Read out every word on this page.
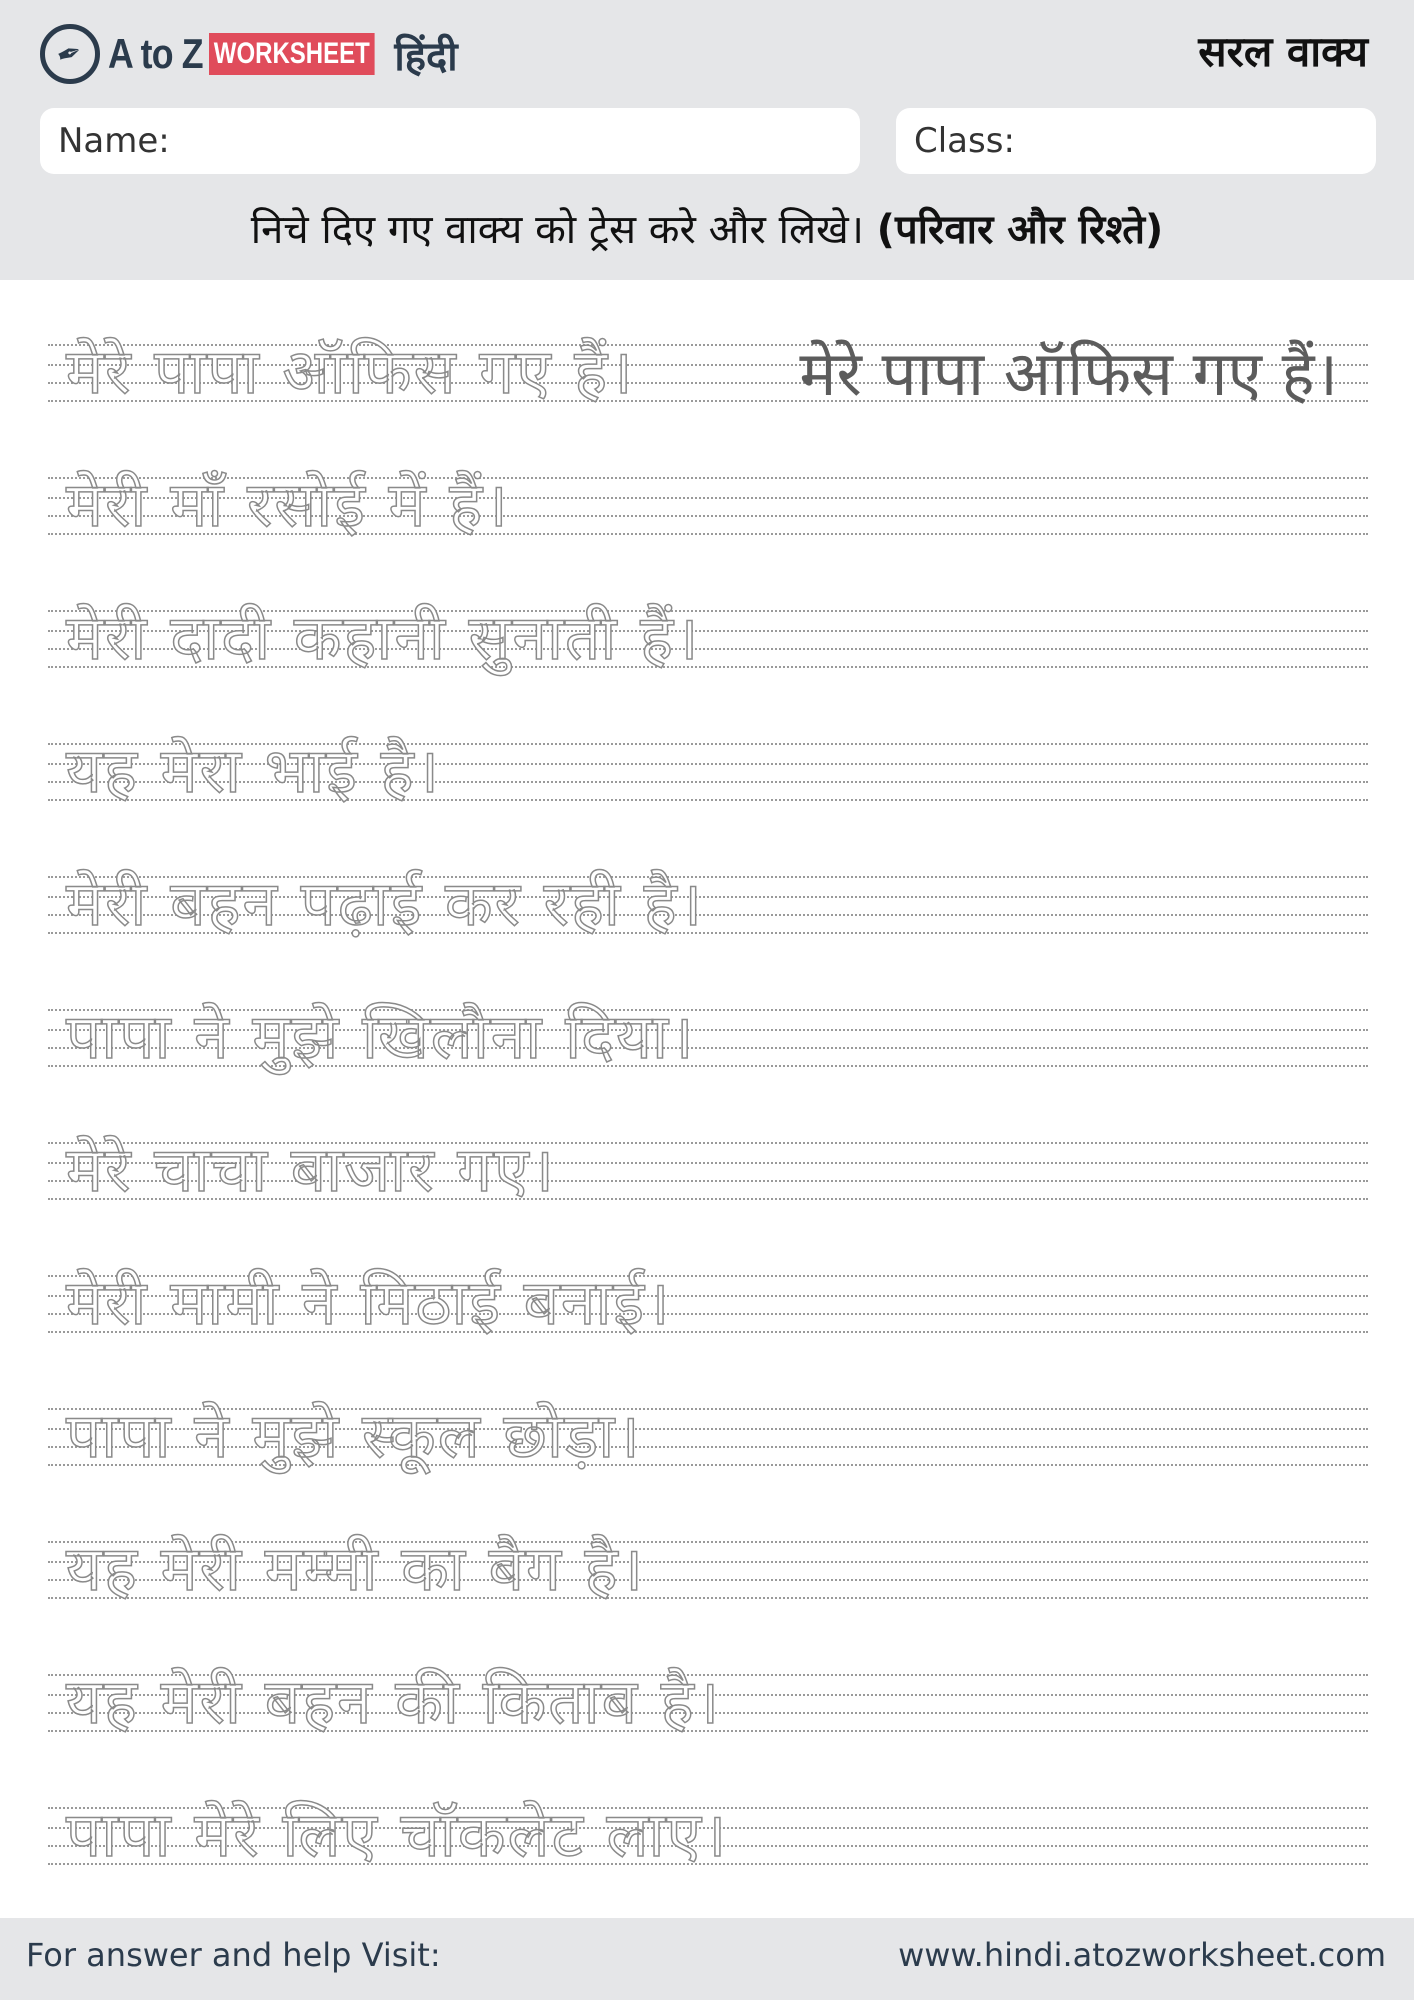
✒ A to Z WORKSHEET हिंदी	सरल वाक्य
Name:	Class:
निचे दिए गए वाक्य को ट्रेस करे और लिखे। (परिवार और रिश्ते)
मेरे पापा ऑफिस गए हैं।	मेरे पापा ऑफिस गए हैं।
मेरी माँ रसोई में हैं।
मेरी दादी कहानी सुनाती हैं।
यह मेरा भाई है।
मेरी बहन पढ़ाई कर रही है।
पापा ने मुझे खिलौना दिया।
मेरे चाचा बाजार गए।
मेरी मामी ने मिठाई बनाई।
पापा ने मुझे स्कूल छोड़ा।
यह मेरी मम्मी का बैग है।
यह मेरी बहन की किताब है।
पापा मेरे लिए चॉकलेट लाए।
For answer and help Visit:	www.hindi.atozworksheet.com
